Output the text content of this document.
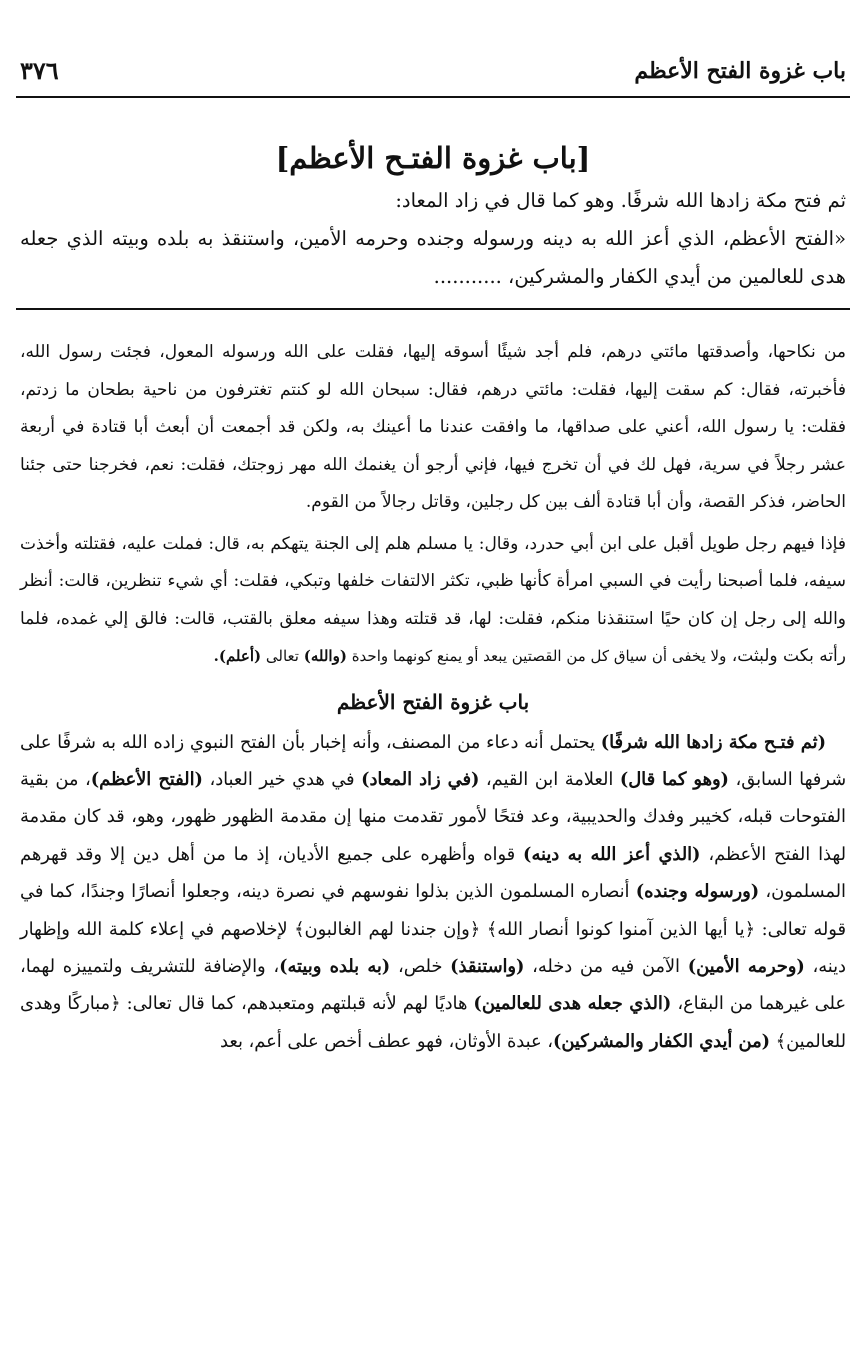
باب غزوة الفتح الأعظم
٣٧٦
[باب غزوة الفتـح الأعظم]

ثم فتح مكة زادها الله شرفًا. وهو كما قال في زاد المعاد:

«الفتح الأعظم، الذي أعز الله به دينه ورسوله وجنده وحرمه الأمين، واستنقذ به بلده وبيته الذي جعله هدى للعالمين من أيدي الكفار والمشركين، ...........

من نكاحها، وأصدقتها مائتي درهم، فلم أجد شيئًا أسوقه إليها، فقلت على الله ورسوله المعول، فجئت رسول الله، فأخبرته، فقال: كم سقت إليها، فقلت: مائتي درهم، فقال: سبحان الله لو كنتم تغترفون من ناحية بطحان ما زدتم، فقلت: يا رسول الله، أعني على صداقها، ما وافقت عندنا ما أعينك به، ولكن قد أجمعت أن أبعث أبا قتادة في أربعة عشر رجلاً في سرية، فهل لك في أن تخرج فيها، فإني أرجو أن يغنمك الله مهر زوجتك، فقلت: نعم، فخرجنا حتى جئنا الحاضر، فذكر القصة، وأن أبا قتادة ألف بين كل رجلين، وقاتل رجالاً من القوم.

فإذا فيهم رجل طويل أقبل على ابن أبي حدرد، وقال: يا مسلم هلم إلى الجنة يتهكم به، قال: فملت عليه، فقتلته وأخذت سيفه، فلما أصبحنا رأيت في السبي امرأة كأنها ظبي، تكثر الالتفات خلفها وتبكي، فقلت: أي شيء تنظرين، قالت: أنظر والله إلى رجل إن كان حيًا استنقذنا منكم، فقلت: لها، قد قتلته وهذا سيفه معلق بالقتب، قالت: فالق إلي غمده، فلما رأته بكت ولبثت، ولا يخفى أن سياق كل من القصتين يبعد أو يمنع كونهما واحدة (والله) تعالى (أعلم).

باب غزوة الفتح الأعظم

(ثم فتـح مكة زادها الله شرفًا) يحتمل أنه دعاء من المصنف، وأنه إخبار بأن الفتح النبوي زاده الله به شرفًا على شرفها السابق، (وهو كما قال) العلامة ابن القيم، (في زاد المعاد) في هدي خير العباد، (الفتح الأعظم)، من بقية الفتوحات قبله، كخيبر وفدك والحديبية، وعد فتحًا لأمور تقدمت منها إن مقدمة الظهور ظهور، وهو، قد كان مقدمة لهذا الفتح الأعظم، (الذي أعز الله به دينه) قواه وأظهره على جميع الأديان، إذ ما من أهل دين إلا وقد قهرهم المسلمون، (ورسوله وجنده) أنصاره المسلمون الذين بذلوا نفوسهم في نصرة دينه، وجعلوا أنصارًا وجندًا، كما في قوله تعالى: ﴿يا أيها الذين آمنوا كونوا أنصار الله﴾ ﴿وإن جندنا لهم الغالبون﴾ لإخلاصهم في إعلاء كلمة الله وإظهار دينه، (وحرمه الأمين) الآمن فيه من دخله، (واستنقذ) خلص، (به بلده وبيته)، والإضافة للتشريف ولتمييزه لهما، على غيرهما من البقاع، (الذي جعله هدى للعالمين) هاديًا لهم لأنه قبلتهم ومتعبدهم، كما قال تعالى: ﴿مباركًا وهدى للعالمين﴾ (من أيدي الكفار والمشركين)، عبدة الأوثان، فهو عطف أخص على أعم، بعد
